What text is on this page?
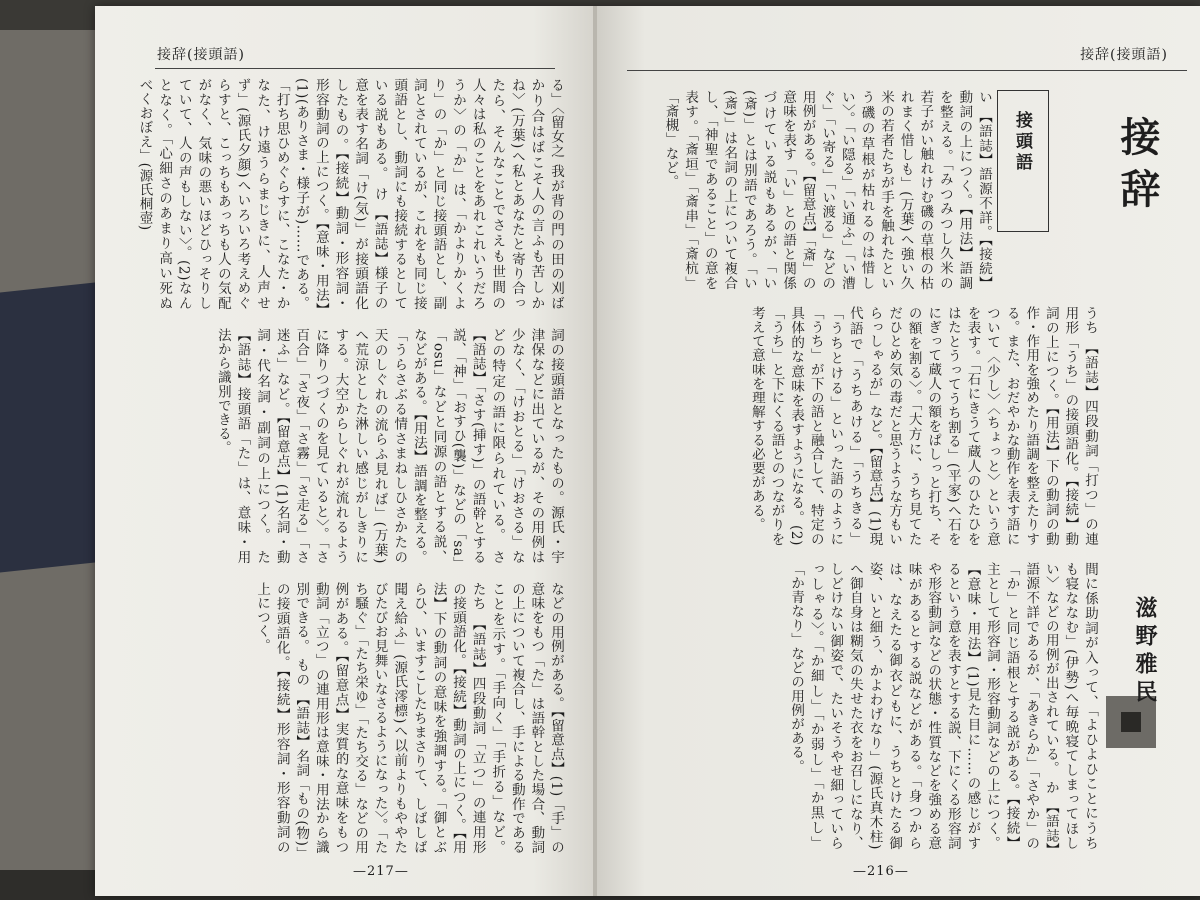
接辞(接頭語)

る」〈留女之 我が背の門の田の刈ばかり合はばこそ人の言ふも苦しかね〉(万葉)へ私とあなたと寄り合ったら、そんなことでさえも世間の人々は私のことをあれこれいうだろうか〉の「か」は、「かよりかくより」の「か」と同じ接頭語とし、副詞とされているが、これをも同じ接頭語とし、動詞にも接続するとしている説もある。 け 【語誌】様子の意を表す名詞「け(気)」が接頭語化したもの。【接続】動詞・形容詞・形容動詞の上につく。【意味・用法】(1)(ありさま・様子が)……である。「打ち思ひめぐらすに、こなた・かなた、け遠うらまじきに、人声せず」(源氏夕顔)へいろいろ考えめぐらすと、こっちもあっちも人の気配がなく、気味の悪いほどひっそりしていて、人の声もしない〉。(2)なんとなく。「心細さのあまり高い死ぬべくおぼえ」(源氏桐壺)

詞の接頭語となったもの。源氏・宇津保などに出ているが、その用例は少なく、「けおとる」「けおさる」などの特定の語に限られている。 さ 【語誌】「さす(挿す)」の語幹とする説、「神」「おすひ(襲)」などの「sa」「osu」などと同源の語とする説、などがある。【用法】語調を整える。「うらさぶる情さまねしひさかたの天のしぐれの流らふ見れば」(万葉)へ荒涼とした淋しい感じがしきりにする。大空からしぐれが流れるように降りつづくのを見ていると〉。「さ百合」「さ夜」「さ霧」「さ走る」「さ迷ふ」など。【留意点】(1)名詞・動詞・代名詞・副詞の上につく。 た 【語誌】接頭語「た」は、意味・用法から識別できる。

などの用例がある。【留意点】(1)「手」の意味をもつ「た」は語幹とした場合、動詞の上について複合し、手による動作であることを示す。「手向く」「手折る」など。 たち 【語誌】四段動詞「立つ」の連用形の接頭語化。【接続】動詞の上につく。【用法】下の動詞の意味を強調する。「御とぶらひ、いますこしたちまさりて、しばしば聞え給ふ」(源氏澪標)へ以前よりもややたびたびお見舞いなさるようになった〉。「たち騒ぐ」「たち栄ゆ」「たち交る」などの用例がある。【留意点】実質的な意味をもつ動詞「立つ」の連用形は意味・用法から識別できる。 もの 【語誌】名詞「もの(物)」の接頭語化。【接続】形容詞・形容動詞の上につく。

—217—
接辞(接頭語)
接辞
滋野雅民
接頭語

い 【語誌】語源不詳。【接続】動詞の上につく。【用法】語調を整える。「みつみつし久米の若子がい触れけむ磯の草根の枯れまく惜しも」(万葉)へ強い久米の若者たちが手を触れたという磯の草根が枯れるのは惜しい〉。「い隠る」「い通ふ」「い漕ぐ」「い寄る」「い渡る」などの用例がある。【留意点】「斎」の意味を表す「い」との語と関係づけている説もあるが、「い(斎)」とは別語であろう。「い(斎)」は名詞の上について複合し、「神聖であること」の意を表す。「斎垣」「斎串」「斎杭」「斎槻」など。

うち 【語誌】四段動詞「打つ」の連用形「うち」の接頭語化。【接続】動詞の上につく。【用法】下の動詞の動作・作用を強めたり語調を整えたりする。また、おだやかな動作を表す語について〈少し〉〈ちょっと〉という意を表す。「石にきうて蔵人のひたひをはたとうってうち割る」(平家)へ石をにぎって蔵人の額をぱしっと打ち、その額を割る〉。「大方に、うち見てただひとめ気の毒だと思うような方もいらっしゃるが」など。【留意点】(1)現代語で「うちあける」「うちきる」「うちとける」といった語のように「うち」が下の語と融合して、特定の具体的な意味を表すようになる。(2)「うち」と下にくる語とのつながりを考えて意味を理解する必要がある。

間に係助詞が入って、「よひよひことにうちも寝ななむ」(伊勢)へ毎晩寝てしまってほしい〉などの用例が出されている。 か 【語誌】語源不詳であるが、「あきらか」「さやか」の「か」と同じ語根とする説がある。【接続】主として形容詞・形容動詞などの上につく。【意味・用法】(1)見た目に……の感じがするという意を表すとする説、下にくる形容詞や形容動詞などの状態・性質などを強める意味があるとする説などがある。「身つからは、なえたる御衣どもに、うちとけたる御姿、いと細う、かよわげなり」(源氏真木柱)へ御自身は糊気の失せた衣をお召しになり、しどけない御姿で、たいそうやせ細っていらっしゃる〉。「か細し」「か弱し」「か黒し」「か青なり」などの用例がある。

—216—
